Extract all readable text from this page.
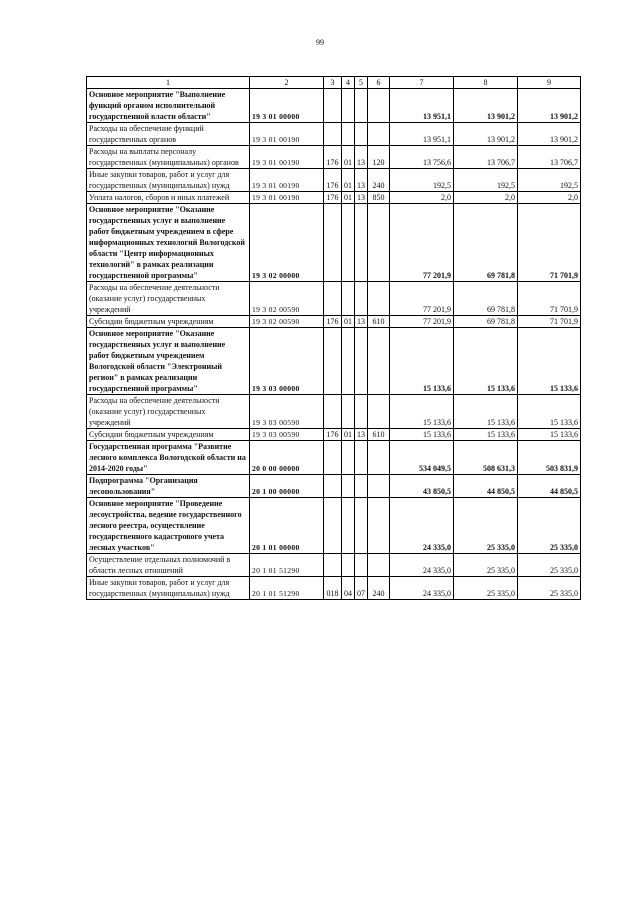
99
1	2	3	4	5	6	7	8	9
Основное мероприятие "Выполнение функций органом исполнительной государственной власти области"	19 3 01 00000					13 951,1	13 901,2	13 901,2
Расходы на обеспечение функций государственных органов	19 3 01 00190					13 951,1	13 901,2	13 901,2
Расходы на выплаты персоналу государственных (муниципальных) органов	19 3 01 00190	176	01	13	120	13 756,6	13 706,7	13 706,7
Иные закупки товаров, работ и услуг для государственных (муниципальных) нужд	19 3 01 00190	176	01	13	240	192,5	192,5	192,5
Уплата налогов, сборов и иных платежей	19 3 01 00190	176	01	13	850	2,0	2,0	2,0
Основное мероприятие "Оказание государственных услуг и выполнение работ бюджетным учреждением в сфере информационных технологий Вологодской области "Центр информационных технологий" в рамках реализации государственной программы"	19 3 02 00000					77 201,9	69 781,8	71 701,9
Расходы на обеспечение деятельности (оказание услуг) государственных учреждений	19 3 02 00590					77 201,9	69 781,8	71 701,9
Субсидии бюджетным учреждениям	19 3 02 00590	176	01	13	610	77 201,9	69 781,8	71 701,9
Основное мероприятие "Оказание государственных услуг и выполнение работ бюджетным учреждением Вологодской области "Электронный регион" в рамках реализации государственной программы"	19 3 03 00000					15 133,6	15 133,6	15 133,6
Расходы на обеспечение деятельности (оказание услуг) государственных учреждений	19 3 03 00590					15 133,6	15 133,6	15 133,6
Субсидии бюджетным учреждениям	19 3 03 00590	176	01	13	610	15 133,6	15 133,6	15 133,6
Государственная программа "Развитие лесного комплекса Вологодской области на 2014-2020 годы"	20 0 00 00000					534 049,5	508 631,3	503 831,9
Подпрограмма "Организация лесопользования"	20 1 00 00000					43 850,5	44 850,5	44 850,5
Основное мероприятие "Проведение лесоустройства, ведение государственного лесного реестра, осуществление государственного кадастрового учета лесных участков"	20 1 01 00000					24 335,0	25 335,0	25 335,0
Осуществление отдельных полномочий в области лесных отношений	20 1 01 51290					24 335,0	25 335,0	25 335,0
Иные закупки товаров, работ и услуг для государственных (муниципальных) нужд	20 1 01 51290	018	04	07	240	24 335,0	25 335,0	25 335,0
